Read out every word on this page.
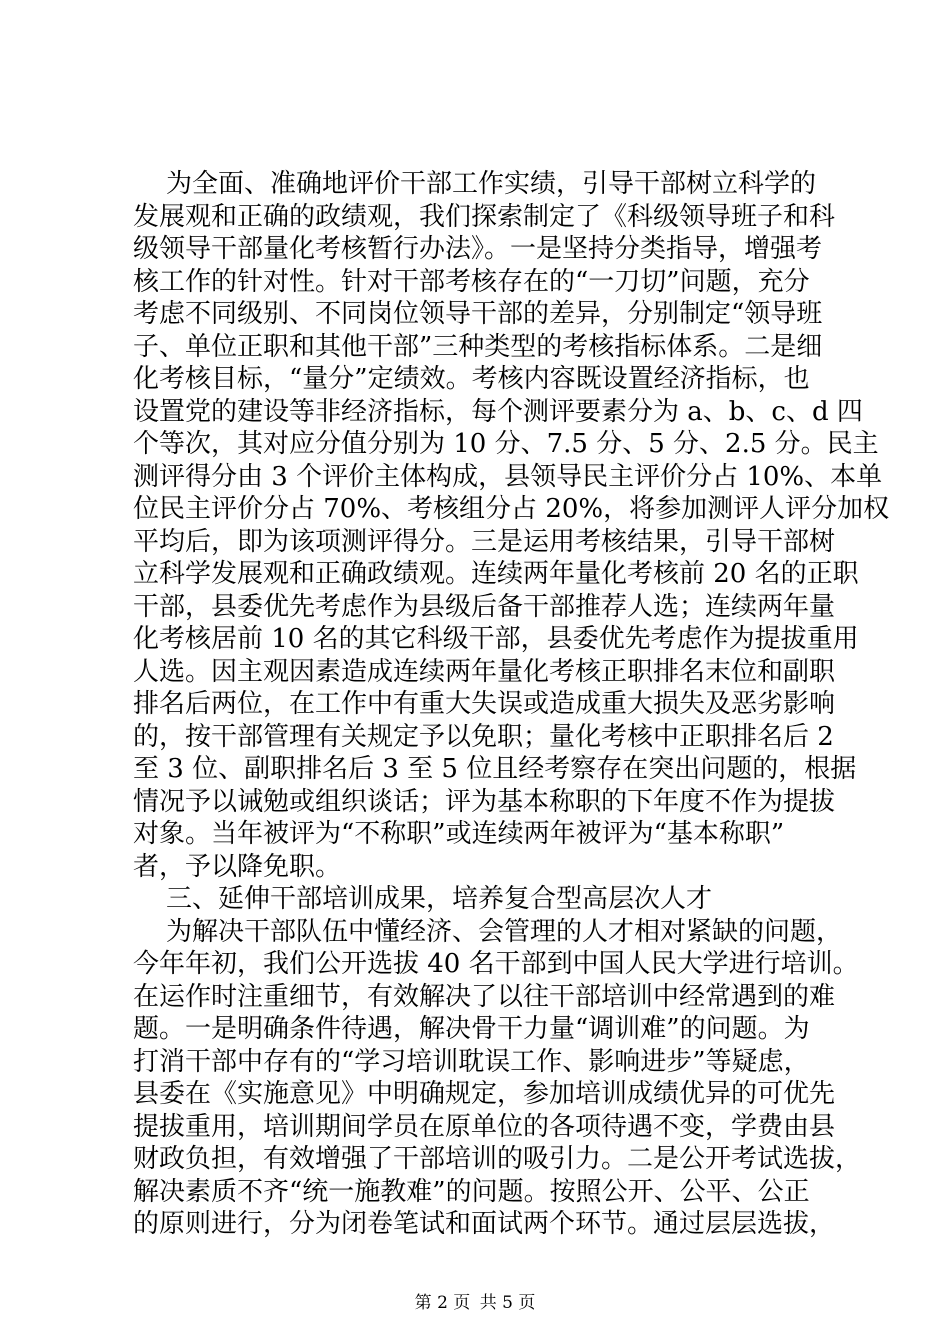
为全面、准确地评价干部工作实绩，引导干部树立科学的
发展观和正确的政绩观，我们探索制定了《科级领导班子和科
级领导干部量化考核暂行办法》。一是坚持分类指导，增强考
核工作的针对性。针对干部考核存在的“一刀切”问题，充分
考虑不同级别、不同岗位领导干部的差异，分别制定“领导班
子、单位正职和其他干部”三种类型的考核指标体系。二是细
化考核目标，“量分”定绩效。考核内容既设置经济指标，也
设置党的建设等非经济指标，每个测评要素分为 a、b、c、d 四
个等次，其对应分值分别为 10 分、7.5 分、5 分、2.5 分。民主
测评得分由 3 个评价主体构成，县领导民主评价分占 10%、本单
位民主评价分占 70%、考核组分占 20%，将参加测评人评分加权
平均后，即为该项测评得分。三是运用考核结果，引导干部树
立科学发展观和正确政绩观。连续两年量化考核前 20 名的正职
干部，县委优先考虑作为县级后备干部推荐人选；连续两年量
化考核居前 10 名的其它科级干部，县委优先考虑作为提拔重用
人选。因主观因素造成连续两年量化考核正职排名末位和副职
排名后两位，在工作中有重大失误或造成重大损失及恶劣影响
的，按干部管理有关规定予以免职；量化考核中正职排名后 2
至 3 位、副职排名后 3 至 5 位且经考察存在突出问题的，根据
情况予以诫勉或组织谈话；评为基本称职的下年度不作为提拔
对象。当年被评为“不称职”或连续两年被评为“基本称职”
者，予以降免职。
三、延伸干部培训成果，培养复合型高层次人才
为解决干部队伍中懂经济、会管理的人才相对紧缺的问题，
今年年初，我们公开选拔 40 名干部到中国人民大学进行培训。
在运作时注重细节，有效解决了以往干部培训中经常遇到的难
题。一是明确条件待遇，解决骨干力量“调训难”的问题。为
打消干部中存有的“学习培训耽误工作、影响进步”等疑虑，
县委在《实施意见》中明确规定，参加培训成绩优异的可优先
提拔重用，培训期间学员在原单位的各项待遇不变，学费由县
财政负担，有效增强了干部培训的吸引力。二是公开考试选拔，
解决素质不齐“统一施教难”的问题。按照公开、公平、公正
的原则进行，分为闭卷笔试和面试两个环节。通过层层选拔，
第 2 页 共 5 页
